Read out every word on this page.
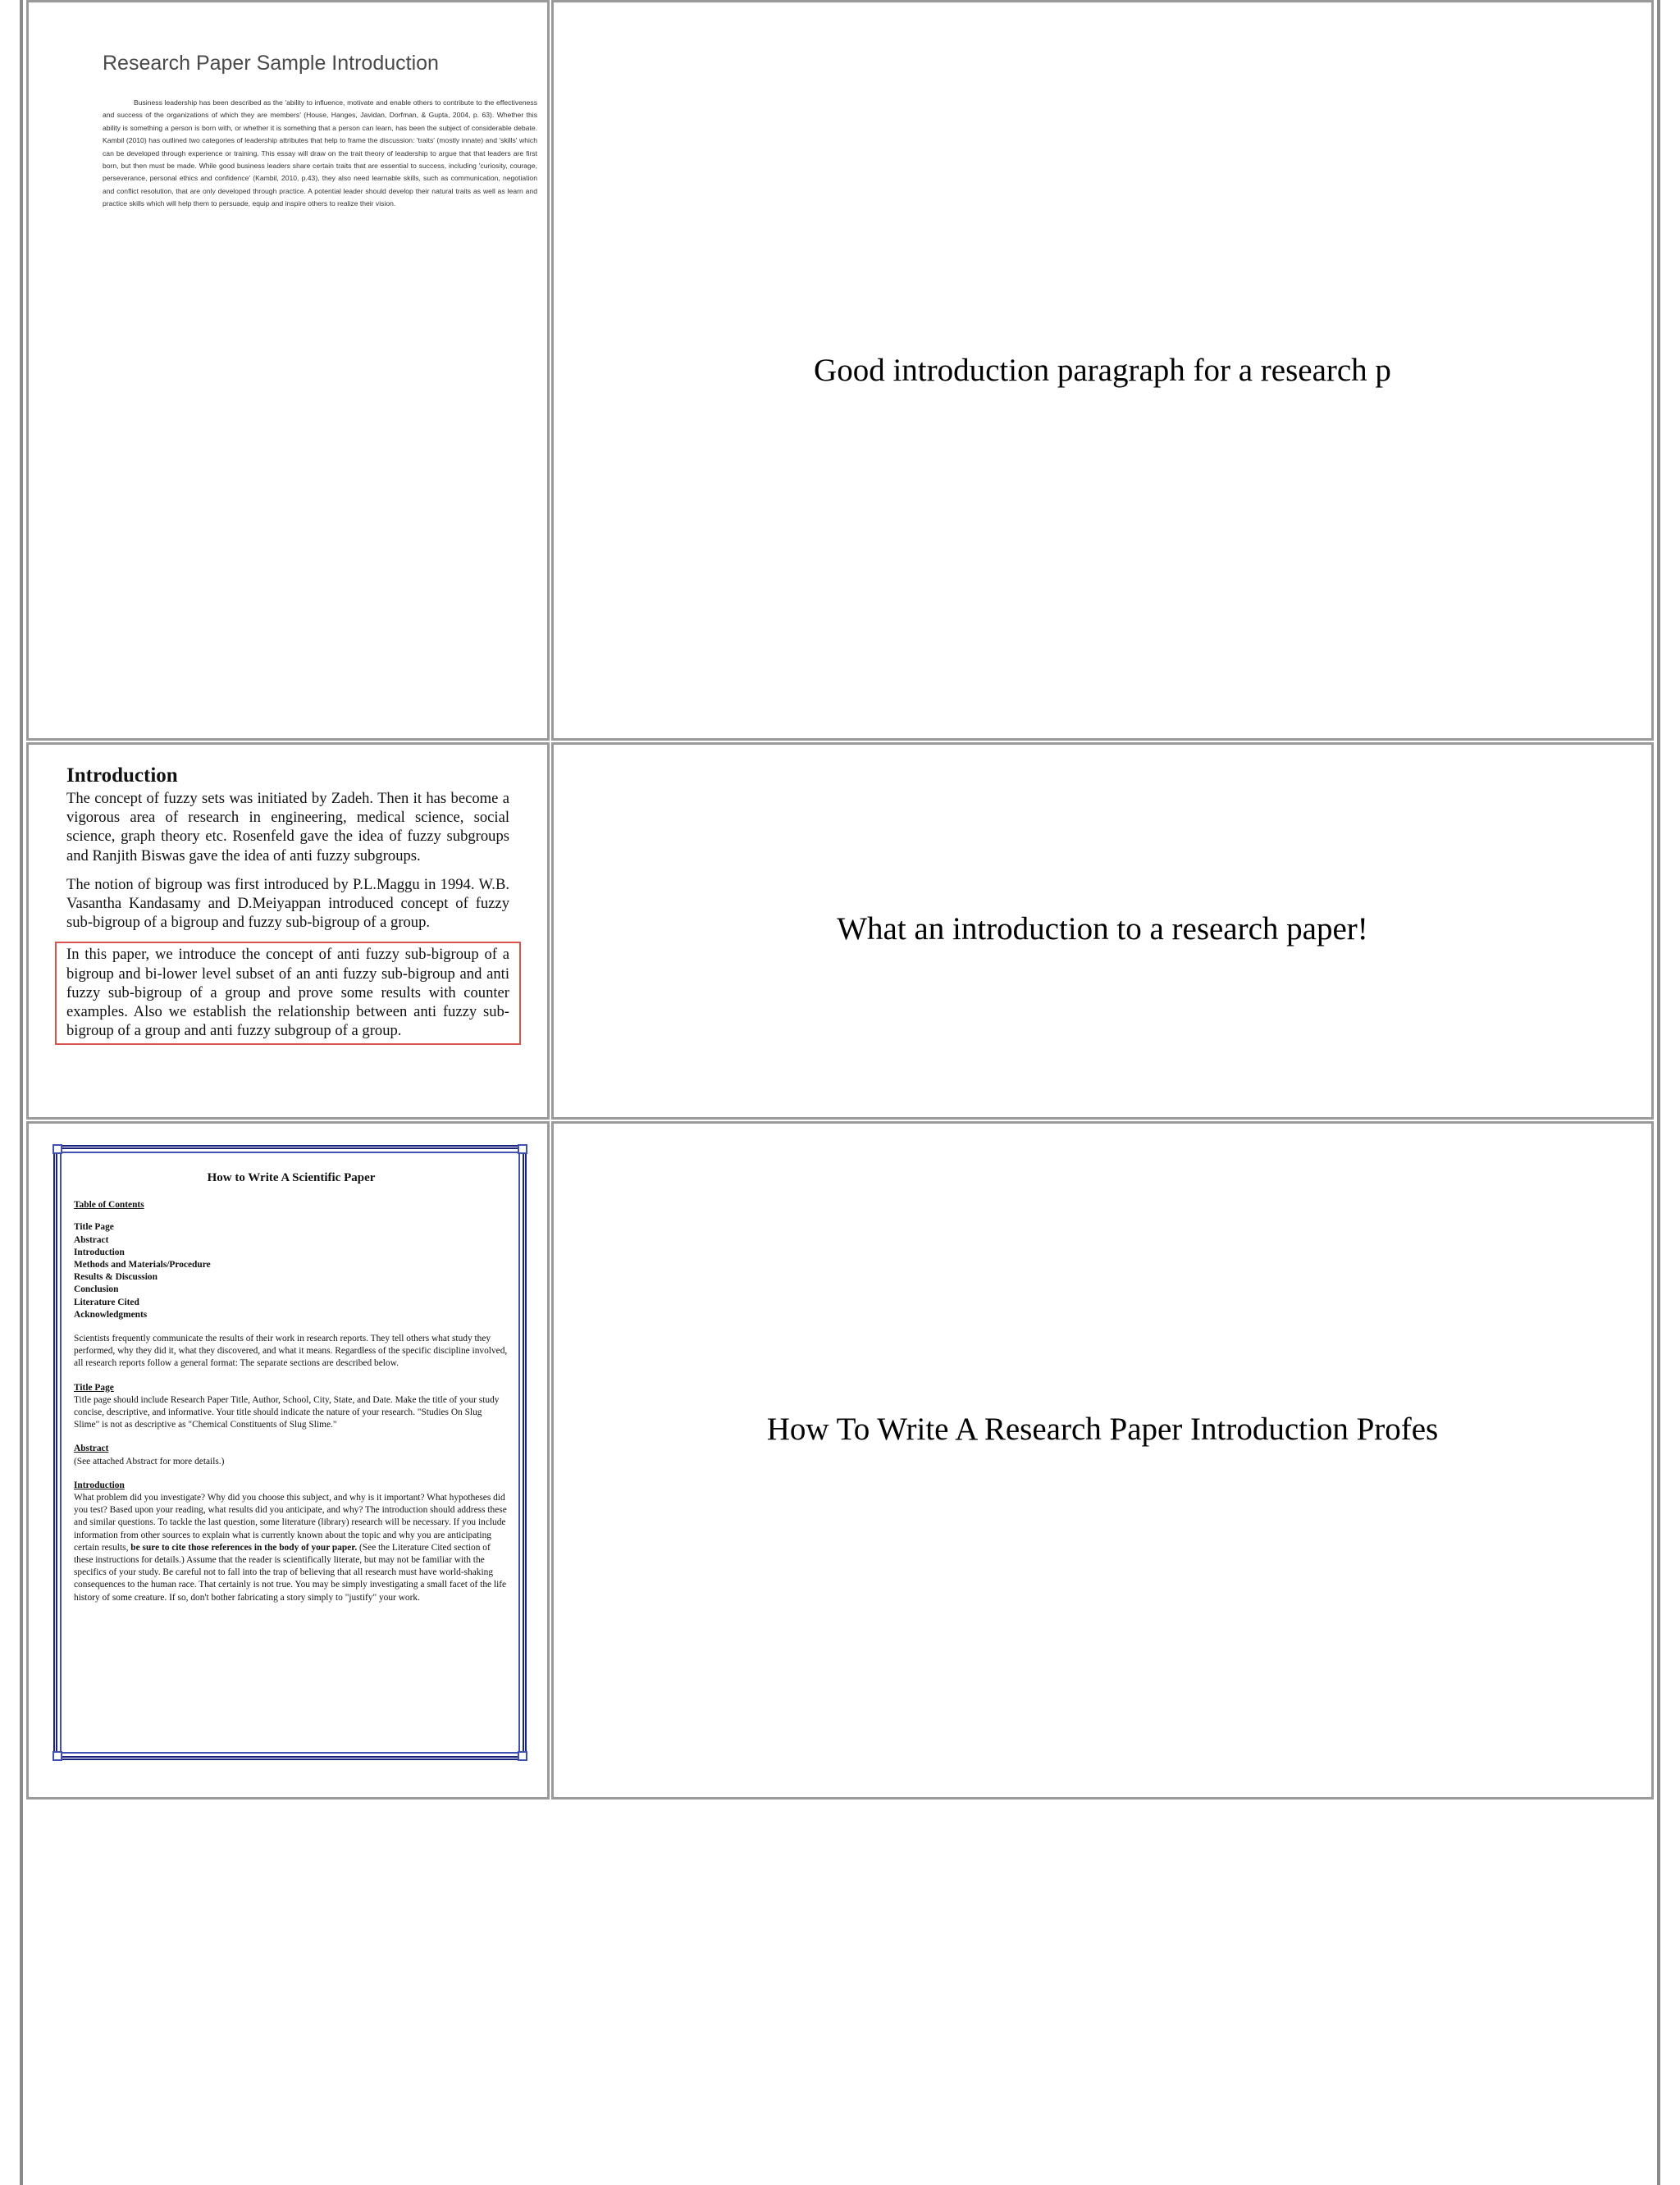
Research Paper Sample Introduction
Business leadership has been described as the 'ability to influence, motivate and enable others to contribute to the effectiveness and success of the organizations of which they are members' (House, Hanges, Javidan, Dorfman, & Gupta, 2004, p. 63). Whether this ability is something a person is born with, or whether it is something that a person can learn, has been the subject of considerable debate. Kambil (2010) has outlined two categories of leadership attributes that help to frame the discussion: 'traits' (mostly innate) and 'skills' which can be developed through experience or training. This essay will draw on the trait theory of leadership to argue that that leaders are first born, but then must be made. While good business leaders share certain traits that are essential to success, including 'curiosity, courage, perseverance, personal ethics and confidence' (Kambil, 2010, p.43), they also need learnable skills, such as communication, negotiation and conflict resolution, that are only developed through practice. A potential leader should develop their natural traits as well as learn and practice skills which will help them to persuade, equip and inspire others to realize their vision.
Good introduction paragraph for a research p
Introduction
The concept of fuzzy sets was initiated by Zadeh. Then it has become a vigorous area of research in engineering, medical science, social science, graph theory etc. Rosenfeld gave the idea of fuzzy subgroups and Ranjith Biswas gave the idea of anti fuzzy subgroups.
The notion of bigroup was first introduced by P.L.Maggu in 1994. W.B. Vasantha Kandasamy and D.Meiyappan introduced concept of fuzzy sub-bigroup of a bigroup and fuzzy sub-bigroup of a group.
In this paper, we introduce the concept of anti fuzzy sub-bigroup of a bigroup and bi-lower level subset of an anti fuzzy sub-bigroup and anti fuzzy sub-bigroup of a group and prove some results with counter examples. Also we establish the relationship between anti fuzzy sub-bigroup of a group and anti fuzzy subgroup of a group.
What an introduction to a research paper!
How to Write A Scientific Paper
Table of Contents
Title Page
Abstract
Introduction
Methods and Materials/Procedure
Results & Discussion
Conclusion
Literature Cited
Acknowledgments
Scientists frequently communicate the results of their work in research reports. They tell others what study they performed, why they did it, what they discovered, and what it means. Regardless of the specific discipline involved, all research reports follow a general format: The separate sections are described below.
Title Page
Title page should include Research Paper Title, Author, School, City, State, and Date. Make the title of your study concise, descriptive, and informative. Your title should indicate the nature of your research. "Studies On Slug Slime" is not as descriptive as "Chemical Constituents of Slug Slime."
Abstract
(See attached Abstract for more details.)
Introduction
What problem did you investigate? Why did you choose this subject, and why is it important? What hypotheses did you test? Based upon your reading, what results did you anticipate, and why? The introduction should address these and similar questions. To tackle the last question, some literature (library) research will be necessary. If you include information from other sources to explain what is currently known about the topic and why you are anticipating certain results, be sure to cite those references in the body of your paper. (See the Literature Cited section of these instructions for details.) Assume that the reader is scientifically literate, but may not be familiar with the specifics of your study. Be careful not to fall into the trap of believing that all research must have world-shaking consequences to the human race. That certainly is not true. You may be simply investigating a small facet of the life history of some creature. If so, don't bother fabricating a story simply to "justify" your work.
How To Write A Research Paper Introduction Profes
